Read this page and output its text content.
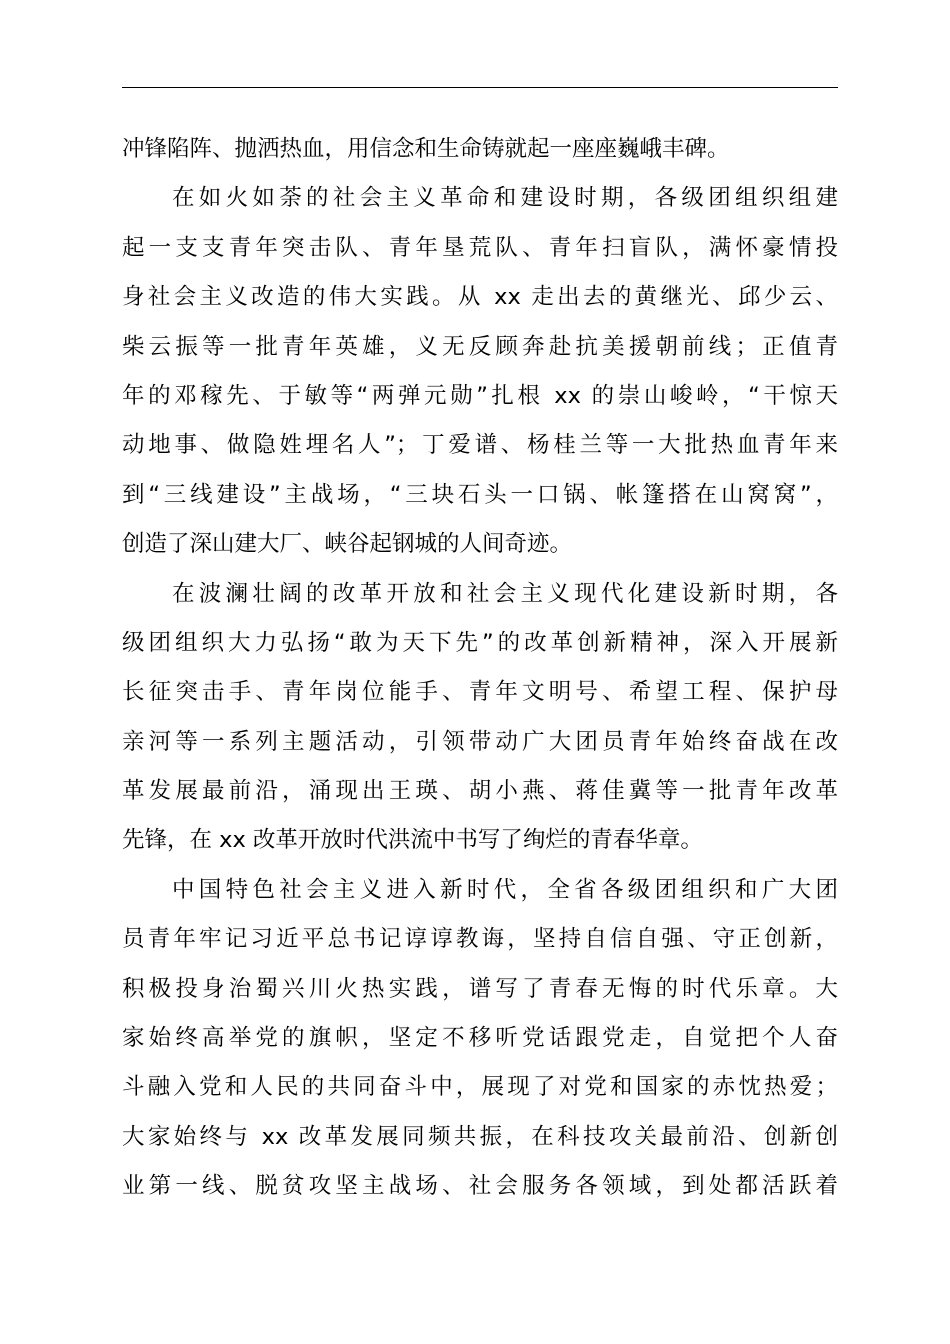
冲锋陷阵、抛洒热血，用信念和生命铸就起一座座巍峨丰碑。
在如火如荼的社会主义革命和建设时期，各级团组织组建
起一支支青年突击队、青年垦荒队、青年扫盲队，满怀豪情投
身社会主义改造的伟大实践。从 xx 走出去的黄继光、邱少云、
柴云振等一批青年英雄，义无反顾奔赴抗美援朝前线；正值青
年的邓稼先、于敏等“两弹元勋”扎根 xx 的崇山峻岭，“干惊天
动地事、做隐姓埋名人”；丁爱谱、杨桂兰等一大批热血青年来
到“三线建设”主战场，“三块石头一口锅、帐篷搭在山窝窝”，
创造了深山建大厂、峡谷起钢城的人间奇迹。
在波澜壮阔的改革开放和社会主义现代化建设新时期，各
级团组织大力弘扬“敢为天下先”的改革创新精神，深入开展新
长征突击手、青年岗位能手、青年文明号、希望工程、保护母
亲河等一系列主题活动，引领带动广大团员青年始终奋战在改
革发展最前沿，涌现出王瑛、胡小燕、蒋佳冀等一批青年改革
先锋，在 xx 改革开放时代洪流中书写了绚烂的青春华章。
中国特色社会主义进入新时代，全省各级团组织和广大团
员青年牢记习近平总书记谆谆教诲，坚持自信自强、守正创新，
积极投身治蜀兴川火热实践，谱写了青春无悔的时代乐章。大
家始终高举党的旗帜，坚定不移听党话跟党走，自觉把个人奋
斗融入党和人民的共同奋斗中，展现了对党和国家的赤忱热爱；
大家始终与 xx 改革发展同频共振，在科技攻关最前沿、创新创
业第一线、脱贫攻坚主战场、社会服务各领域，到处都活跃着
